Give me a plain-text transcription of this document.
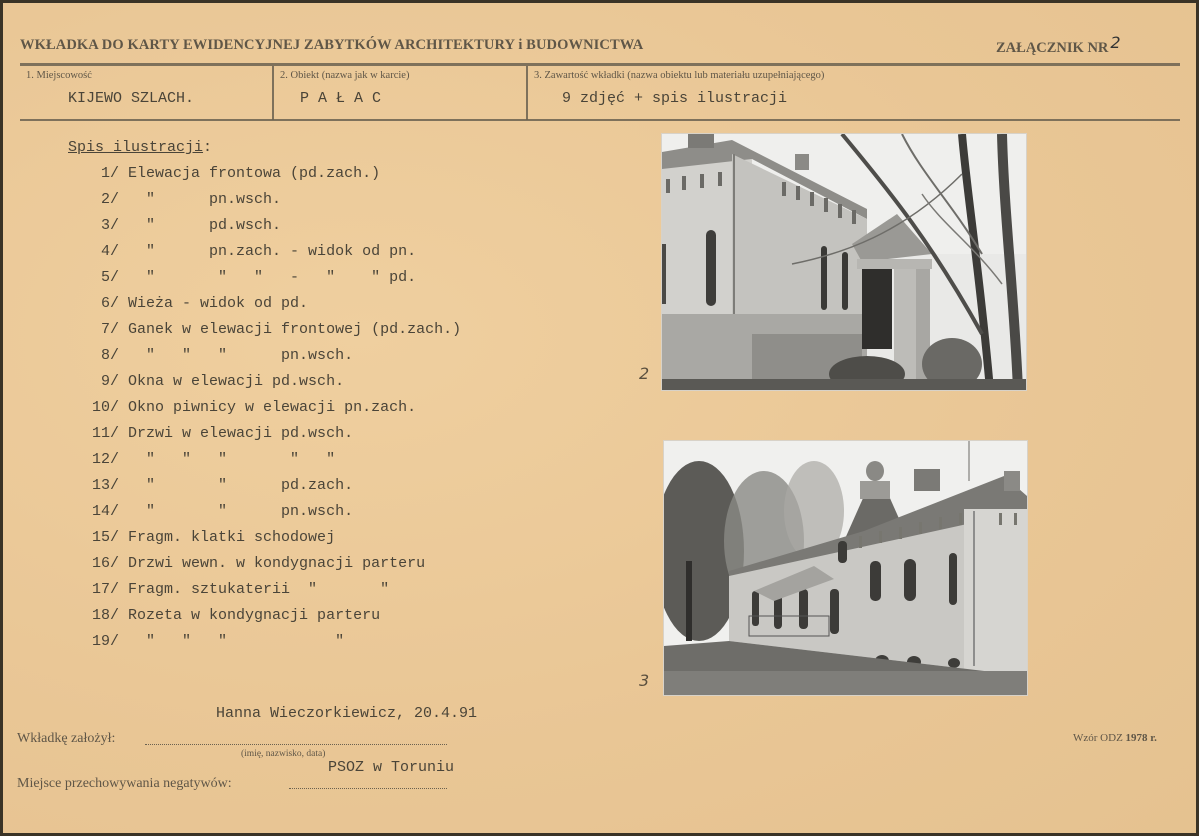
WKŁADKA DO KARTY EWIDENCYJNEJ ZABYTKÓW ARCHITEKTURY i BUDOWNICTWA	ZAŁĄCZNIK NR 2
1. Miejscowość
KIJEWO SZLACH.
2. Obiekt (nazwa jak w karcie)
P A Ł A C
3. Zawartość wkładki (nazwa obiektu lub materiału uzupełniającego)
9 zdjęć + spis ilustracji
Spis ilustracji:
1/ Elewacja frontowa (pd.zach.)
2/   "      pn.wsch.
3/   "      pd.wsch.
4/   "      pn.zach. - widok od pn.
5/   "       "   "   -   "    " pd.
6/ Wieża - widok od pd.
7/ Ganek w elewacji frontowej (pd.zach.)
8/   "   "   "      pn.wsch.
9/ Okna w elewacji pd.wsch.
10/ Okno piwnicy w elewacji pn.zach.
11/ Drzwi w elewacji pd.wsch.
12/   "   "   "       "   "
13/   "       "      pd.zach.
14/   "       "      pn.wsch.
15/ Fragm. klatki schodowej
16/ Drzwi wewn. w kondygnacji parteru
17/ Fragm. sztukaterii  "       "
18/ Rozeta w kondygnacji parteru
19/   "   "   "            "
2
3
Hanna Wieczorkiewicz, 20.4.91
Wkładkę założył:
(imię, nazwisko, data)
PSOZ w Toruniu
Miejsce przechowywania negatywów:
Wzór ODZ 1978 r.
